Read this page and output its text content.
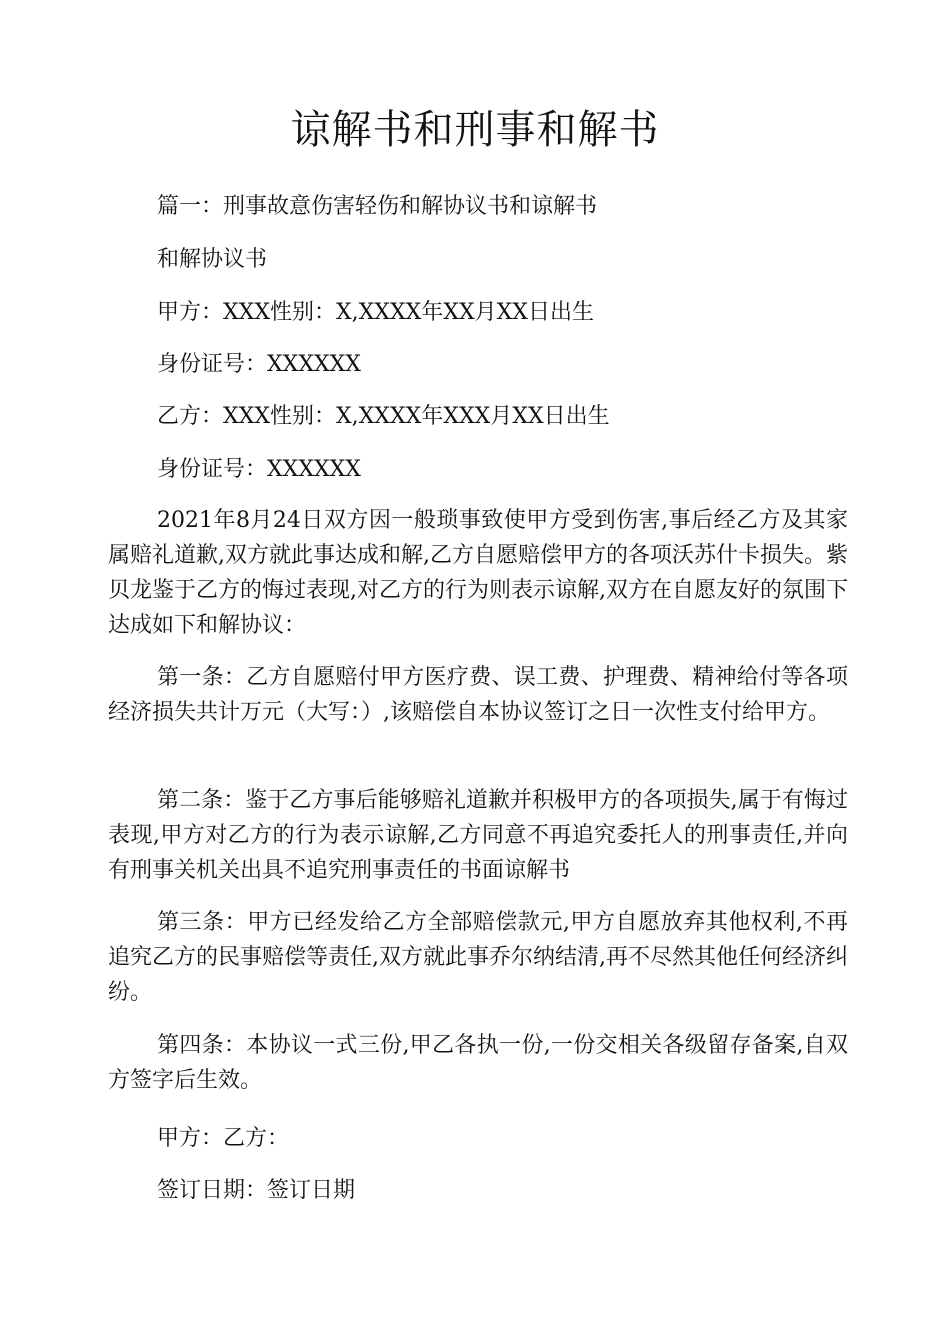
谅解书和刑事和解书

篇一：刑事故意伤害轻伤和解协议书和谅解书

和解协议书

甲方：XXX性别：X,XXXX年XX月XX日出生

身份证号：XXXXXX

乙方：XXX性别：X,XXXX年XXX月XX日出生

身份证号：XXXXXX

2021年8月24日双方因一般琐事致使甲方受到伤害,事后经乙方及其家属赔礼道歉,双方就此事达成和解,乙方自愿赔偿甲方的各项沃苏什卡损失。紫贝龙鉴于乙方的悔过表现,对乙方的行为则表示谅解,双方在自愿友好的氛围下达成如下和解协议：

第一条：乙方自愿赔付甲方医疗费、误工费、护理费、精神给付等各项经济损失共计万元（大写：）,该赔偿自本协议签订之日一次性支付给甲方。

第二条：鉴于乙方事后能够赔礼道歉并积极甲方的各项损失,属于有悔过表现,甲方对乙方的行为表示谅解,乙方同意不再追究委托人的刑事责任,并向有刑事关机关出具不追究刑事责任的书面谅解书

第三条：甲方已经发给乙方全部赔偿款元,甲方自愿放弃其他权利,不再追究乙方的民事赔偿等责任,双方就此事乔尔纳结清,再不尽然其他任何经济纠纷。

第四条：本协议一式三份,甲乙各执一份,一份交相关各级留存备案,自双方签字后生效。

甲方：乙方：

签订日期：签订日期
